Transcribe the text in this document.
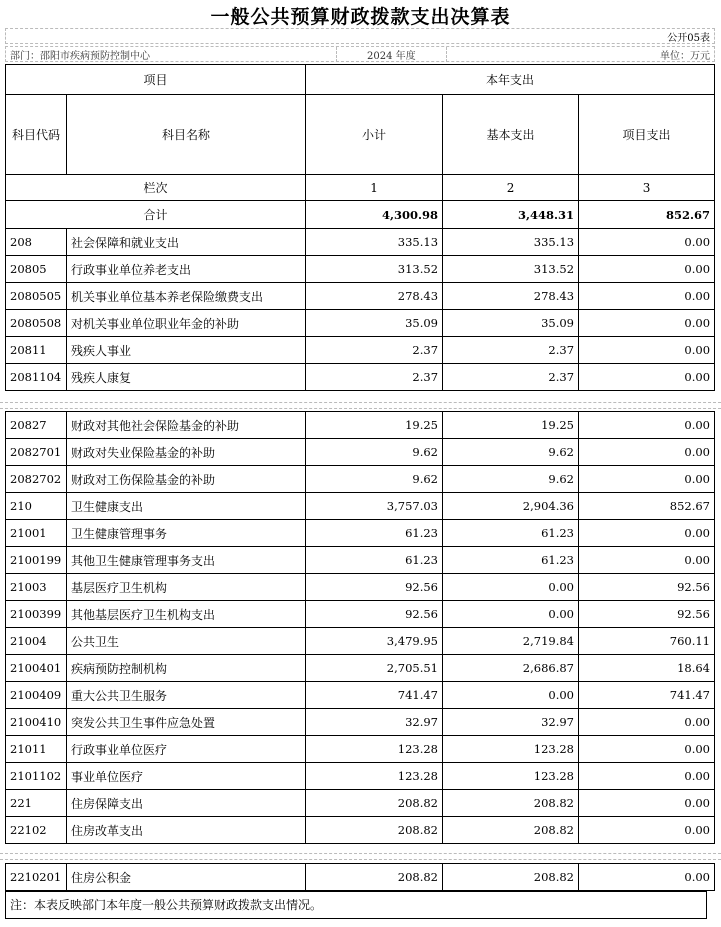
一般公共预算财政拨款支出决算表
公开05表
部门：邵阳市疾病预防控制中心	2024 年度	单位：万元
项目		本年支出		
科目代码	科目名称	小计	基本支出	项目支出
栏次		1	2	3
合计		4,300.98	3,448.31	852.67
208	社会保障和就业支出	335.13	335.13	0.00
20805	行政事业单位养老支出	313.52	313.52	0.00
2080505	机关事业单位基本养老保险缴费支出	278.43	278.43	0.00
2080508	对机关事业单位职业年金的补助	35.09	35.09	0.00
20811	残疾人事业	2.37	2.37	0.00
2081104	残疾人康复	2.37	2.37	0.00
20827	财政对其他社会保险基金的补助	19.25	19.25	0.00
2082701	财政对失业保险基金的补助	9.62	9.62	0.00
2082702	财政对工伤保险基金的补助	9.62	9.62	0.00
210	卫生健康支出	3,757.03	2,904.36	852.67
21001	卫生健康管理事务	61.23	61.23	0.00
2100199	其他卫生健康管理事务支出	61.23	61.23	0.00
21003	基层医疗卫生机构	92.56	0.00	92.56
2100399	其他基层医疗卫生机构支出	92.56	0.00	92.56
21004	公共卫生	3,479.95	2,719.84	760.11
2100401	疾病预防控制机构	2,705.51	2,686.87	18.64
2100409	重大公共卫生服务	741.47	0.00	741.47
2100410	突发公共卫生事件应急处置	32.97	32.97	0.00
21011	行政事业单位医疗	123.28	123.28	0.00
2101102	事业单位医疗	123.28	123.28	0.00
221	住房保障支出	208.82	208.82	0.00
22102	住房改革支出	208.82	208.82	0.00
2210201	住房公积金	208.82	208.82	0.00
注：本表反映部门本年度一般公共预算财政拨款支出情况。
